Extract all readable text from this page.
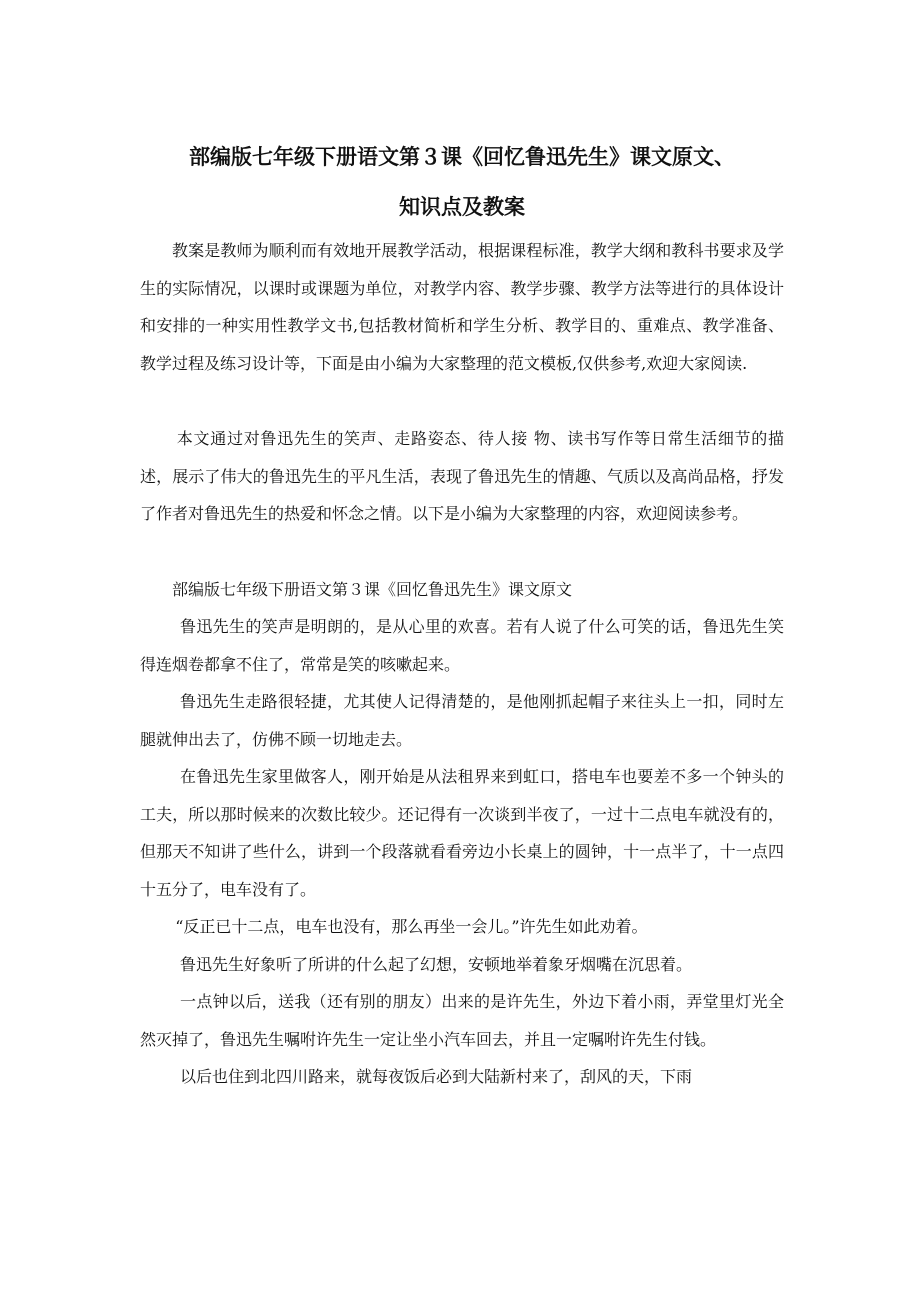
部编版七年级下册语文第３课《回忆鲁迅先生》课文原文、
知识点及教案

教案是教师为顺利而有效地开展教学活动，根据课程标准，教学大纲和教科书要求及学生的实际情况，以课时或课题为单位，对教学内容、教学步骤、教学方法等进行的具体设计和安排的一种实用性教学文书,包括教材简析和学生分析、教学目的、重难点、教学准备、教学过程及练习设计等，下面是由小编为大家整理的范文模板,仅供参考,欢迎大家阅读.

本文通过对鲁迅先生的笑声、走路姿态、待人接 物、读书写作等日常生活细节的描述，展示了伟大的鲁迅先生的平凡生活，表现了鲁迅先生的情趣、气质以及高尚品格，抒发了作者对鲁迅先生的热爱和怀念之情。以下是小编为大家整理的内容，欢迎阅读参考。

部编版七年级下册语文第３课《回忆鲁迅先生》课文原文

鲁迅先生的笑声是明朗的，是从心里的欢喜。若有人说了什么可笑的话，鲁迅先生笑得连烟卷都拿不住了，常常是笑的咳嗽起来。

鲁迅先生走路很轻捷，尤其使人记得清楚的，是他刚抓起帽子来往头上一扣，同时左腿就伸出去了，仿佛不顾一切地走去。

在鲁迅先生家里做客人，刚开始是从法租界来到虹口，搭电车也要差不多一个钟头的工夫，所以那时候来的次数比较少。还记得有一次谈到半夜了，一过十二点电车就没有的，但那天不知讲了些什么，讲到一个段落就看看旁边小长桌上的圆钟，十一点半了，十一点四十五分了，电车没有了。

“反正已十二点，电车也没有，那么再坐一会儿。”许先生如此劝着。

鲁迅先生好象听了所讲的什么起了幻想，安顿地举着象牙烟嘴在沉思着。

一点钟以后，送我（还有别的朋友）出来的是许先生，外边下着小雨，弄堂里灯光全然灭掉了，鲁迅先生嘱咐许先生一定让坐小汽车回去，并且一定嘱咐许先生付钱。

以后也住到北四川路来，就每夜饭后必到大陆新村来了，刮风的天，下雨
